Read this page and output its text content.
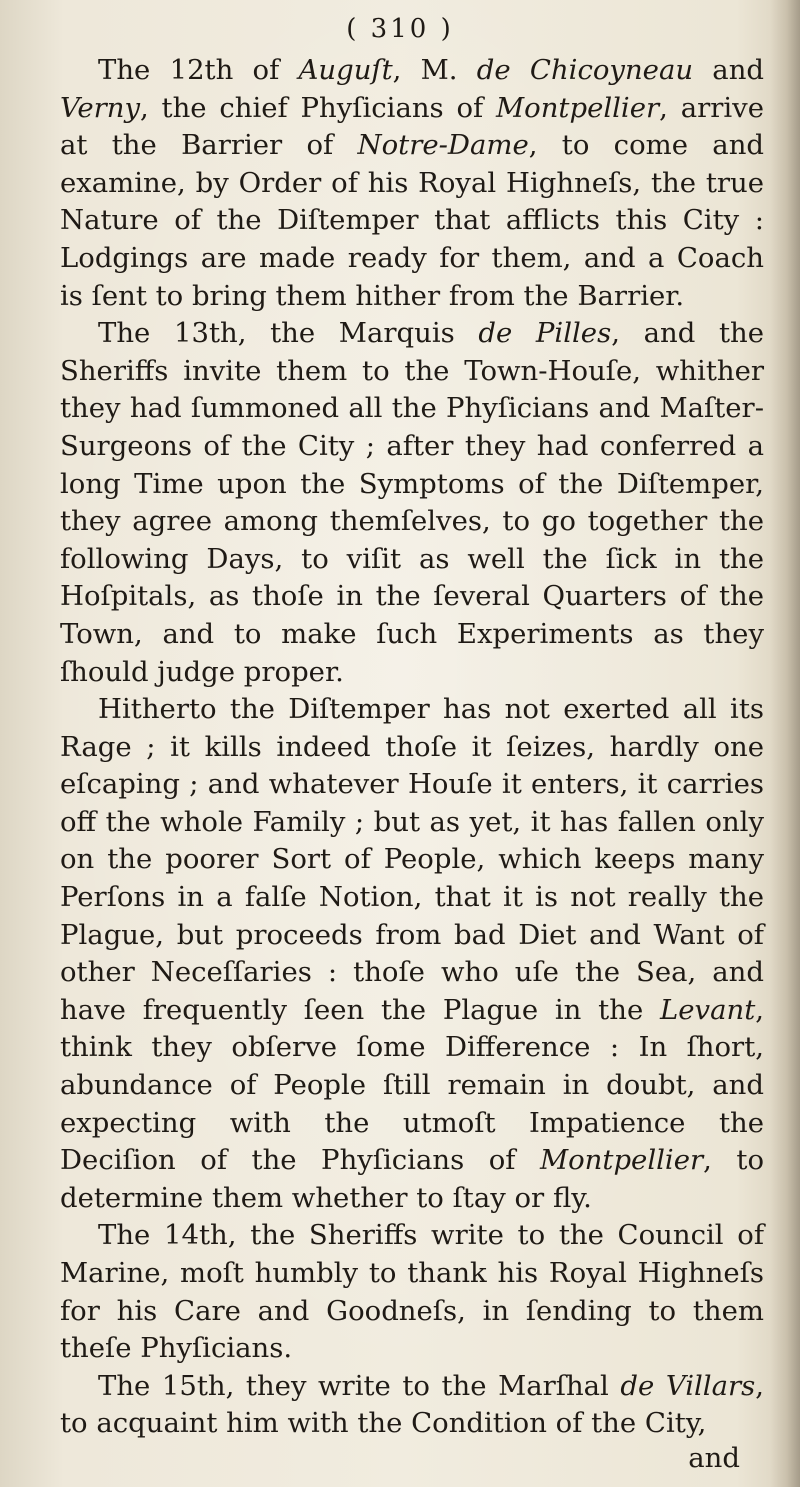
( 310 )

The 12th of Auguſt, M. de Chicoyneau and Verny, the chief Phyſicians of Montpellier, arrive at the Barrier of Notre-Dame, to come and examine, by Order of his Royal Highneſs, the true Nature of the Diſtemper that afflicts this City : Lodgings are made ready for them, and a Coach is ſent to bring them hither from the Barrier.

The 13th, the Marquis de Pilles, and the Sheriffs invite them to the Town-Houſe, whither they had ſummoned all the Phyſicians and Maſter-Surgeons of the City ; after they had conferred a long Time upon the Symptoms of the Diſtemper, they agree among themſelves, to go together the following Days, to viſit as well the ſick in the Hoſpitals, as thoſe in the ſeveral Quarters of the Town, and to make ſuch Experiments as they ſhould judge proper.

Hitherto the Diſtemper has not exerted all its Rage ; it kills indeed thoſe it ſeizes, hardly one eſcaping ; and whatever Houſe it enters, it carries off the whole Family ; but as yet, it has fallen only on the poorer Sort of People, which keeps many Perſons in a falſe Notion, that it is not really the Plague, but proceeds from bad Diet and Want of other Neceſſaries : thoſe who uſe the Sea, and have frequently ſeen the Plague in the Levant, think they obſerve ſome Difference : In ſhort, abundance of People ſtill remain in doubt, and expecting with the utmoſt Impatience the Deciſion of the Phyſicians of Montpellier, to determine them whether to ſtay or fly.

The 14th, the Sheriffs write to the Council of Marine, moſt humbly to thank his Royal Highneſs for his Care and Goodneſs, in ſending to them theſe Phyſicians.

The 15th, they write to the Marſhal de Villars, to acquaint him with the Condition of the City,

and
